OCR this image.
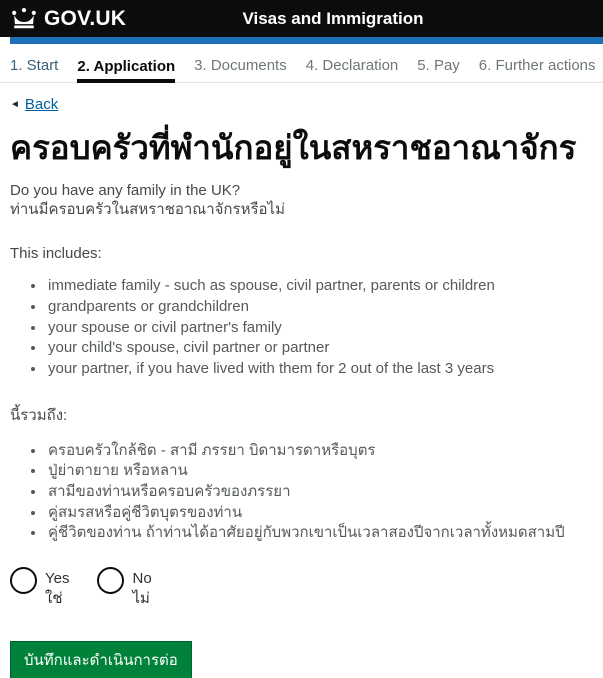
GOV.UK	Visas and Immigration
1. Start 2. Application 3. Documents 4. Declaration 5. Pay 6. Further actions
◄ Back
ครอบครัวที่พำนักอยู่ในสหราชอาณาจักร

Do you have any family in the UK?
ท่านมีครอบครัวในสหราชอาณาจักรหรือไม่

This includes:

• immediate family - such as spouse, civil partner, parents or children
• grandparents or grandchildren
• your spouse or civil partner's family
• your child's spouse, civil partner or partner
• your partner, if you have lived with them for 2 out of the last 3 years

นี้รวมถึง:

• ครอบครัวใกล้ชิด - สามี ภรรยา บิดามารดาหรือบุตร
• ปู่ย่าตายาย หรือหลาน
• สามีของท่านหรือครอบครัวของภรรยา
• คู่สมรสหรือคู่ชีวิตบุตรของท่าน
• คู่ชีวิตของท่าน ถ้าท่านได้อาศัยอยู่กับพวกเขาเป็นเวลาสองปีจากเวลาทั้งหมดสามปี
Yes
ใช่
No
ไม่
บันทึกและดำเนินการต่อ
